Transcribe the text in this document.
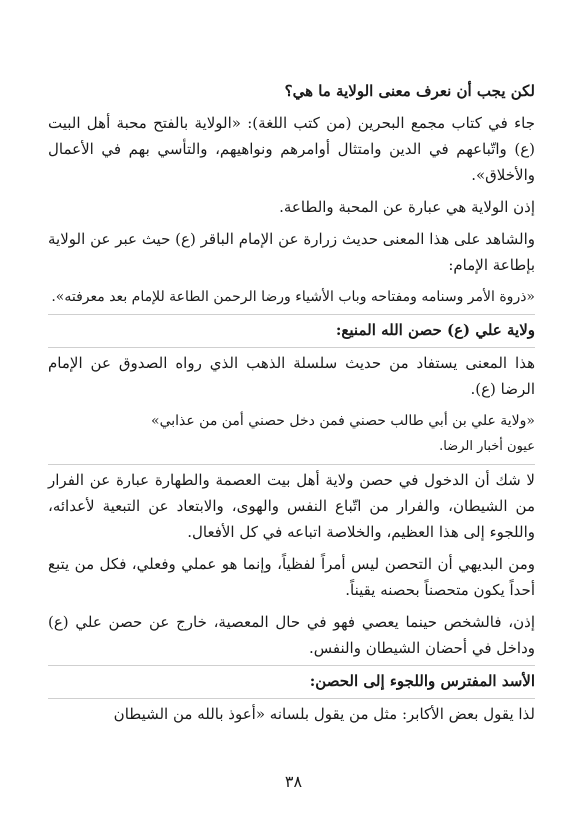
لكن يجب أن نعرف معنى الولاية ما هي؟

جاء في كتاب مجمع البحرين (من كتب اللغة): «الولاية بالفتح محبة أهل البيت (ع) واتّباعهم في الدين وامتثال أوامرهم ونواهيهم، والتأسي بهم في الأعمال والأخلاق».

إذن الولاية هي عبارة عن المحبة والطاعة.

والشاهد على هذا المعنى حديث زرارة عن الإمام الباقر (ع) حيث عبر عن الولاية بإطاعة الإمام:

«ذروة الأمر وسنامه ومفتاحه وباب الأشياء ورضا الرحمن الطاعة للإمام بعد معرفته».

ولاية علي (ع) حصن الله المنيع:

هذا المعنى يستفاد من حديث سلسلة الذهب الذي رواه الصدوق عن الإمام الرضا (ع).

«ولاية علي بن أبي طالب حصني فمن دخل حصني أمن من عذابي»

عيون أخبار الرضا.

لا شك أن الدخول في حصن ولاية أهل بيت العصمة والطهارة عبارة عن الفرار من الشيطان، والفرار من اتّباع النفس والهوى، والابتعاد عن التبعية لأعدائه، واللجوء إلى هذا العظيم، والخلاصة اتباعه في كل الأفعال.

ومن البديهي أن التحصن ليس أمراً لفظياً، وإنما هو عملي وفعلي، فكل من يتبع أحداً يكون متحصناً بحصنه يقيناً.

إذن، فالشخص حينما يعصي فهو في حال المعصية، خارج عن حصن علي (ع) وداخل في أحضان الشيطان والنفس.

الأسد المفترس واللجوء إلى الحصن:

لذا يقول بعض الأكابر: مثل من يقول بلسانه «أعوذ بالله من الشيطان

٣٨
